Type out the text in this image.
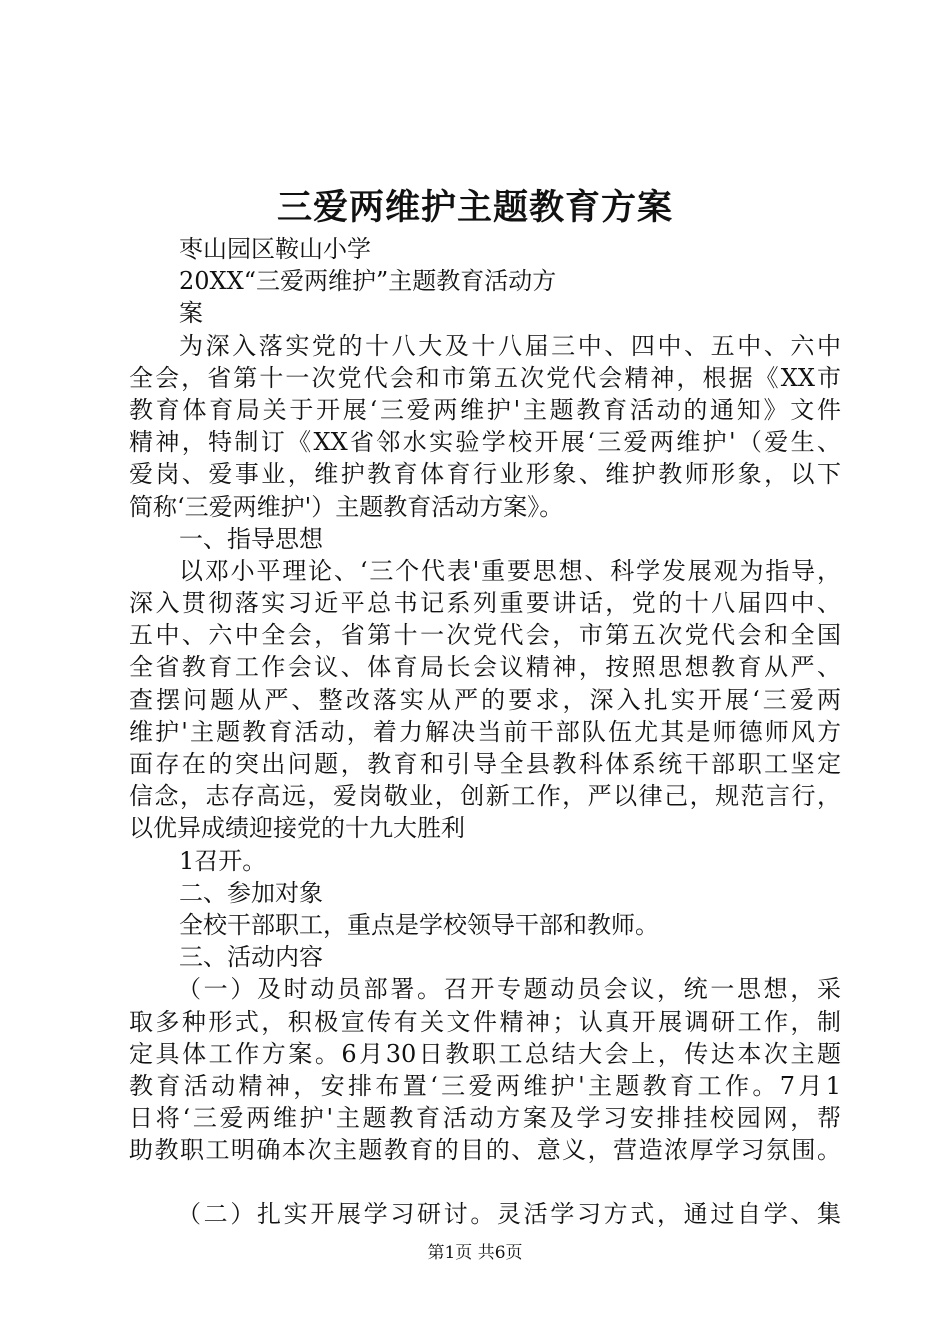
三爱两维护主题教育方案
枣山园区鞍山小学
20XX“三爱两维护”主题教育活动方
案
为深入落实党的十八大及十八届三中、四中、五中、六中
全会，省第十一次党代会和市第五次党代会精神，根据《XX市
教育体育局关于开展‘三爱两维护'主题教育活动的通知》文件
精神，特制订《XX省邻水实验学校开展‘三爱两维护'（爱生、
爱岗、爱事业，维护教育体育行业形象、维护教师形象，以下
简称‘三爱两维护'）主题教育活动方案》。
一、指导思想
以邓小平理论、‘三个代表'重要思想、科学发展观为指导，
深入贯彻落实习近平总书记系列重要讲话，党的十八届四中、
五中、六中全会，省第十一次党代会，市第五次党代会和全国
全省教育工作会议、体育局长会议精神，按照思想教育从严、
查摆问题从严、整改落实从严的要求，深入扎实开展‘三爱两
维护'主题教育活动，着力解决当前干部队伍尤其是师德师风方
面存在的突出问题，教育和引导全县教科体系统干部职工坚定
信念，志存高远，爱岗敬业，创新工作，严以律己，规范言行，
以优异成绩迎接党的十九大胜利
1召开。
二、参加对象
全校干部职工，重点是学校领导干部和教师。
三、活动内容
（一）及时动员部署。召开专题动员会议，统一思想，采
取多种形式，积极宣传有关文件精神；认真开展调研工作，制
定具体工作方案。6月30日教职工总结大会上，传达本次主题
教育活动精神，安排布置‘三爱两维护'主题教育工作。7月1
日将‘三爱两维护'主题教育活动方案及学习安排挂校园网，帮
助教职工明确本次主题教育的目的、意义，营造浓厚学习氛围。
（二）扎实开展学习研讨。灵活学习方式，通过自学、集
第1页 共6页
